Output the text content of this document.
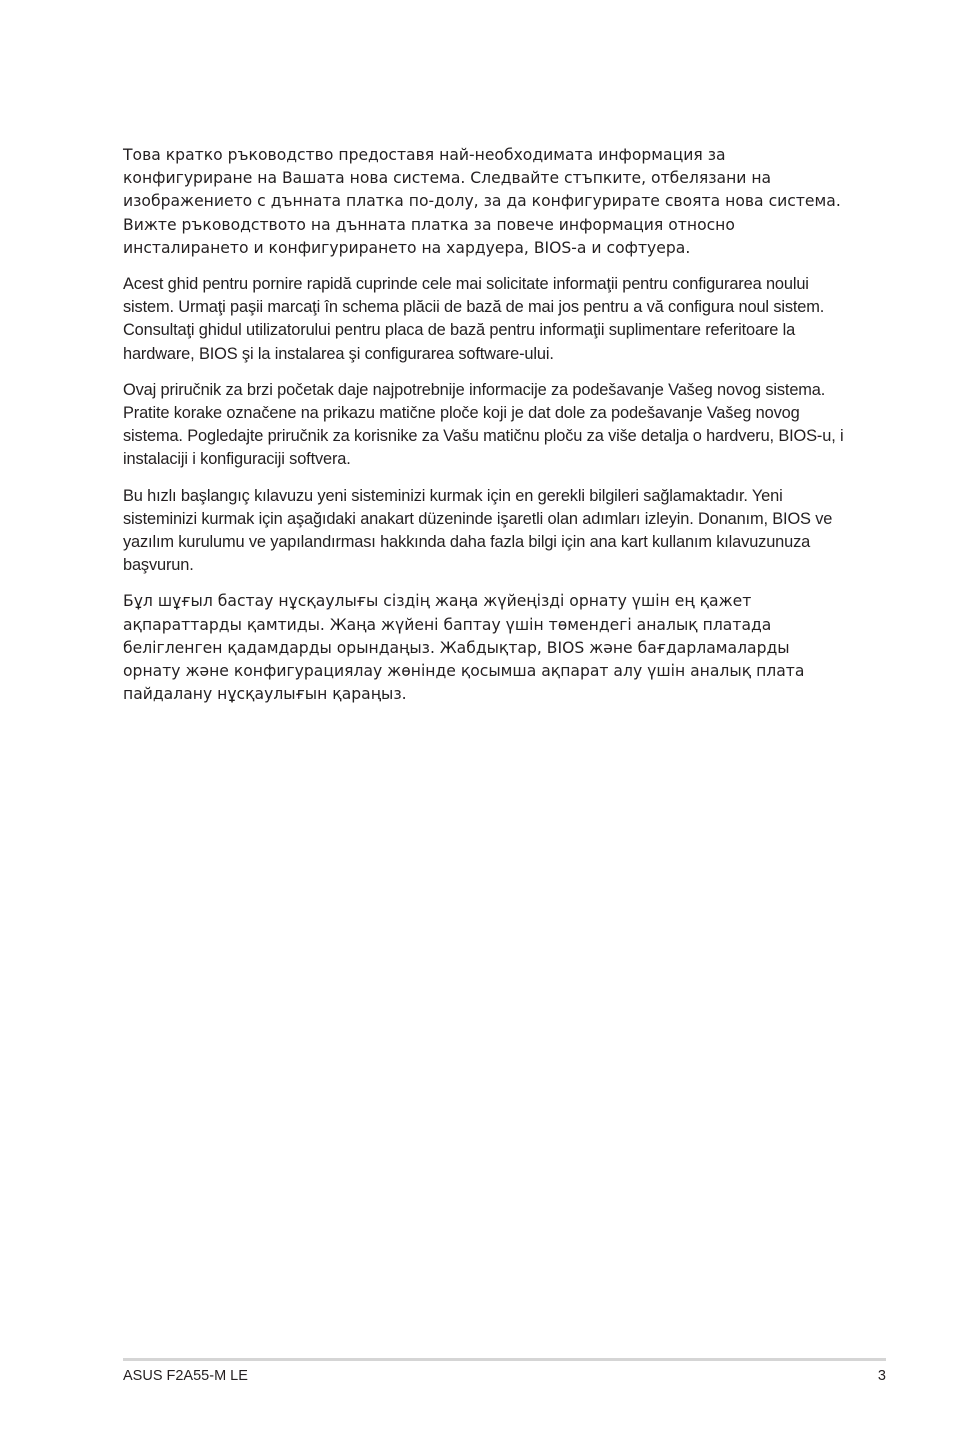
Това кратко ръководство предоставя най-необходимата информация за конфигуриране на Вашата нова система. Следвайте стъпките, отбелязани на изображението с дънната платка по-долу, за да конфигурирате своята нова система. Вижте ръководството на дънната платка за повече информация относно инсталирането и конфигурирането на хардуера, BIOS-а и софтуера.

Acest ghid pentru pornire rapidă cuprinde cele mai solicitate informaţii pentru configurarea noului sistem. Urmaţi paşii marcaţi în schema plăcii de bază de mai jos pentru a vă configura noul sistem. Consultaţi ghidul utilizatorului pentru placa de bază pentru informaţii suplimentare referitoare la hardware, BIOS şi la instalarea şi configurarea software-ului.

Ovaj priručnik za brzi početak daje najpotrebnije informacije za podešavanje Vašeg novog sistema. Pratite korake označene na prikazu matične ploče koji je dat dole za podešavanje Vašeg novog sistema. Pogledajte priručnik za korisnike za Vašu matičnu ploču za više detalja o hardveru, BIOS-u, i instalaciji i konfiguraciji softvera.

Bu hızlı başlangıç kılavuzu yeni sisteminizi kurmak için en gerekli bilgileri sağlamaktadır. Yeni sisteminizi kurmak için aşağıdaki anakart düzeninde işaretli olan adımları izleyin. Donanım, BIOS ve yazılım kurulumu ve yapılandırması hakkında daha fazla bilgi için ana kart kullanım kılavuzunuza başvurun.

Бұл шұғыл бастау нұсқаулығы сіздің жаңа жүйеңізді орнату үшін ең қажет ақпараттарды қамтиды. Жаңа жүйені баптау үшін төмендегі аналық платада белігленген қадамдарды орындаңыз. Жабдықтар, BIOS және бағдарламаларды орнату және конфигурациялау жөнінде қосымша ақпарат алу үшін аналық плата пайдалану нұсқаулығын қараңыз.

ASUS F2A55-M LE	3
